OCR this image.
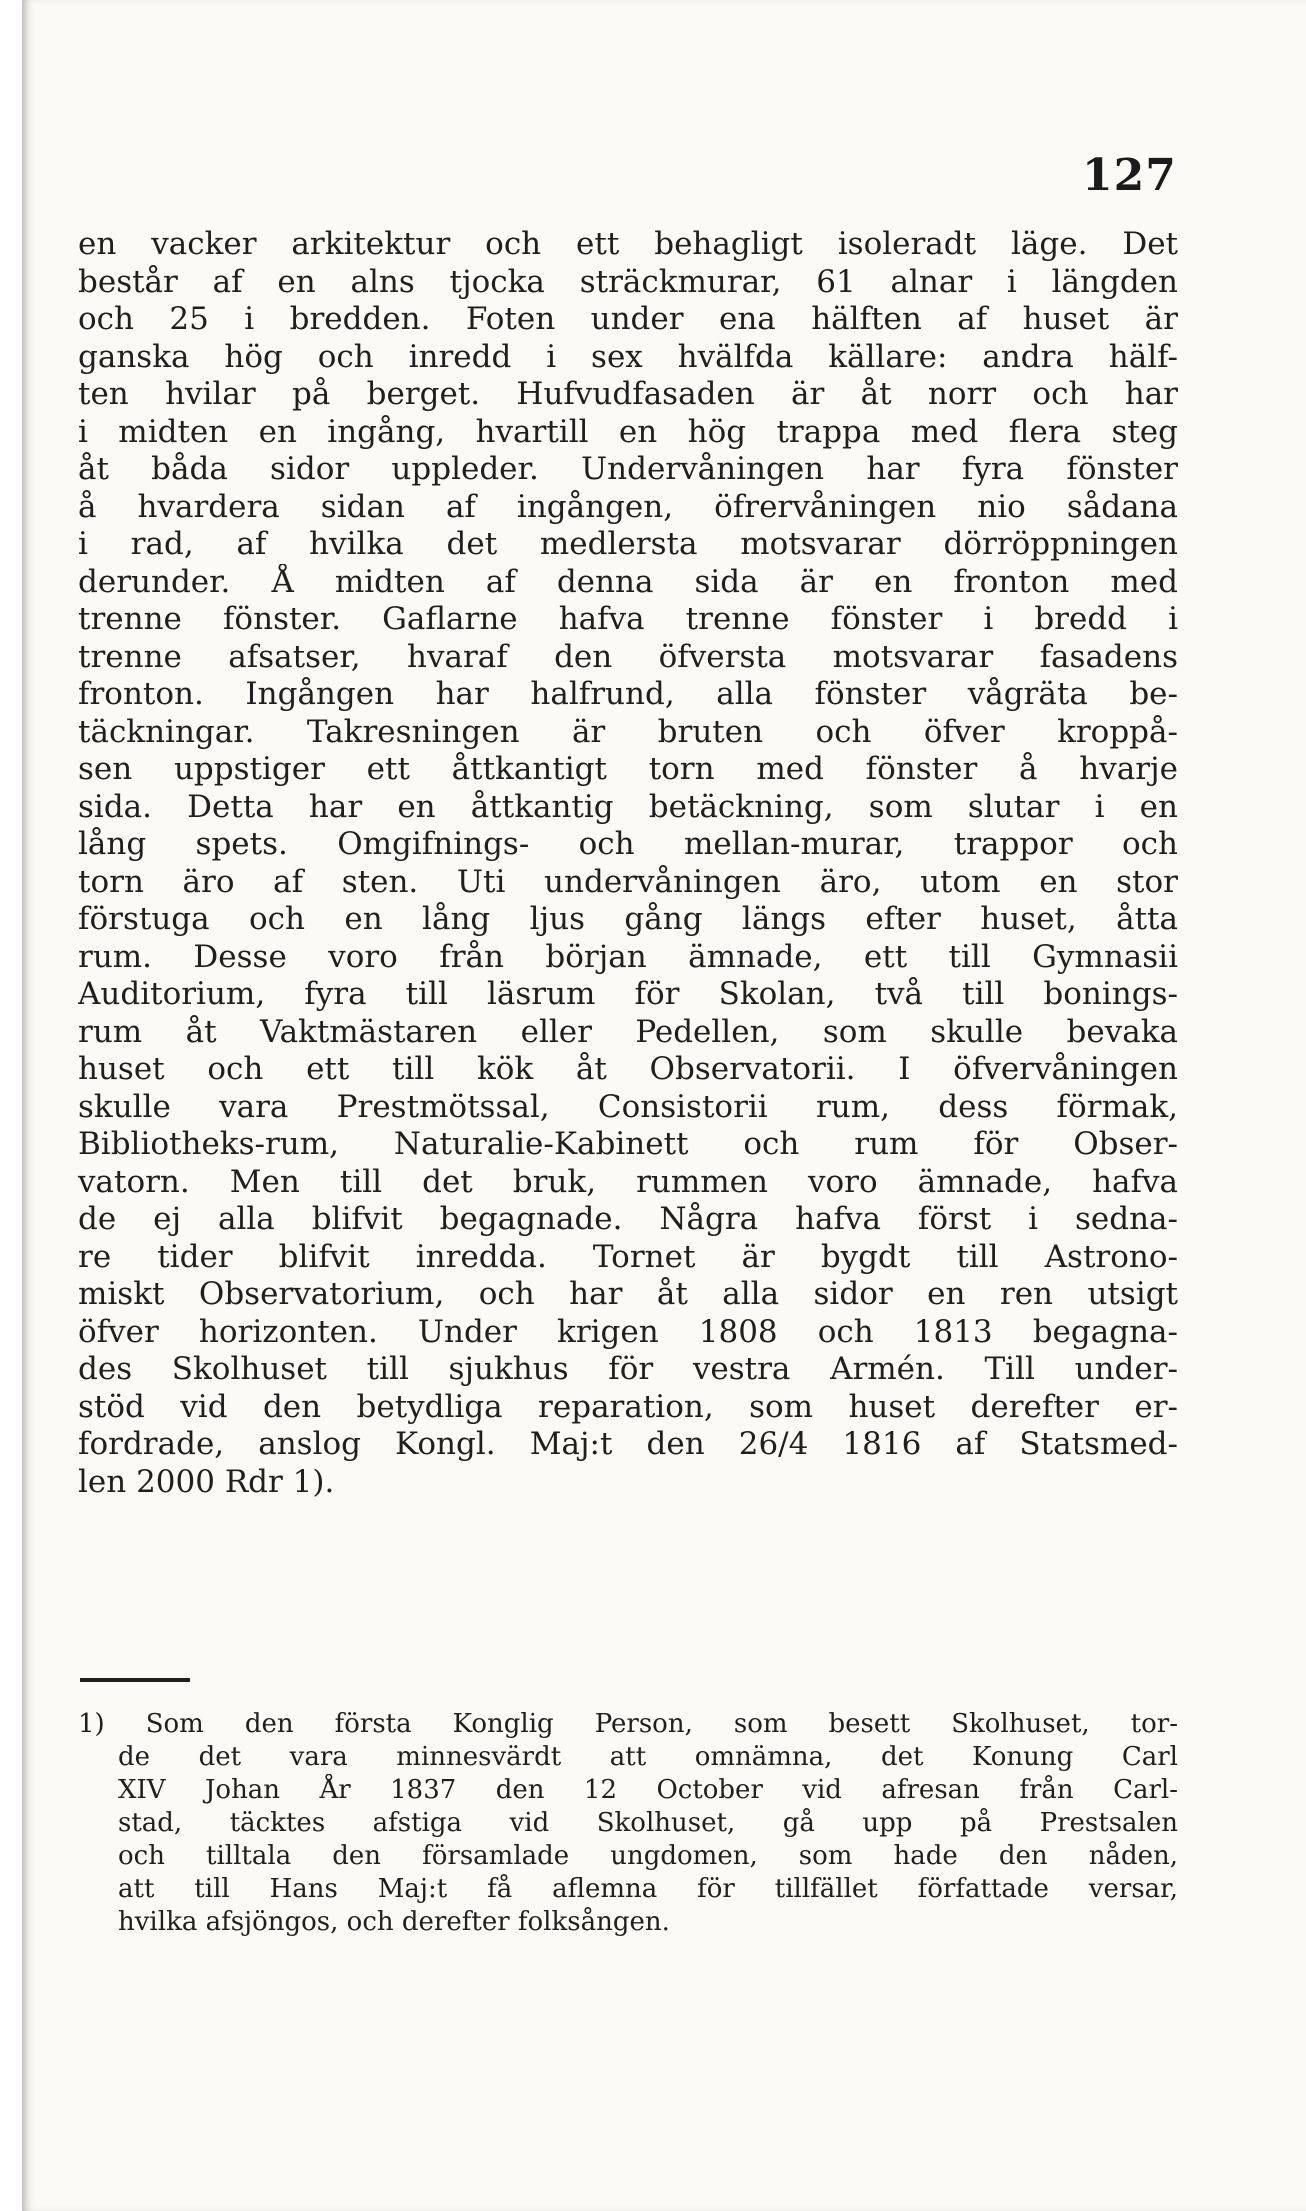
127
en vacker arkitektur och ett behagligt isoleradt läge. Det
består af en alns tjocka sträckmurar, 61 alnar i längden
och 25 i bredden. Foten under ena hälften af huset är
ganska hög och inredd i sex hvälfda källare: andra hälf-
ten hvilar på berget. Hufvudfasaden är åt norr och har
i midten en ingång, hvartill en hög trappa med flera steg
åt båda sidor uppleder. Undervåningen har fyra fönster
å hvardera sidan af ingången, öfrervåningen nio sådana
i rad, af hvilka det medlersta motsvarar dörröppningen
derunder. Å midten af denna sida är en fronton med
trenne fönster. Gaflarne hafva trenne fönster i bredd i
trenne afsatser, hvaraf den öfversta motsvarar fasadens
fronton. Ingången har halfrund, alla fönster vågräta be-
täckningar. Takresningen är bruten och öfver kroppå-
sen uppstiger ett åttkantigt torn med fönster å hvarje
sida. Detta har en åttkantig betäckning, som slutar i en
lång spets. Omgifnings- och mellan-murar, trappor och
torn äro af sten. Uti undervåningen äro, utom en stor
förstuga och en lång ljus gång längs efter huset, åtta
rum. Desse voro från början ämnade, ett till Gymnasii
Auditorium, fyra till läsrum för Skolan, två till bonings-
rum åt Vaktmästaren eller Pedellen, som skulle bevaka
huset och ett till kök åt Observatorii. I öfvervåningen
skulle vara Prestmötssal, Consistorii rum, dess förmak,
Bibliotheks-rum, Naturalie-Kabinett och rum för Obser-
vatorn. Men till det bruk, rummen voro ämnade, hafva
de ej alla blifvit begagnade. Några hafva först i sedna-
re tider blifvit inredda. Tornet är bygdt till Astrono-
miskt Observatorium, och har åt alla sidor en ren utsigt
öfver horizonten. Under krigen 1808 och 1813 begagna-
des Skolhuset till sjukhus för vestra Armén. Till under-
stöd vid den betydliga reparation, som huset derefter er-
fordrade, anslog Kongl. Maj:t den 26/4 1816 af Statsmed-
len 2000 Rdr 1).
1) Som den första Konglig Person, som besett Skolhuset, tor-
de det vara minnesvärdt att omnämna, det Konung Carl
XIV Johan År 1837 den 12 October vid afresan från Carl-
stad, täcktes afstiga vid Skolhuset, gå upp på Prestsalen
och tilltala den församlade ungdomen, som hade den nåden,
att till Hans Maj:t få aflemna för tillfället författade versar,
hvilka afsjöngos, och derefter folksången.
